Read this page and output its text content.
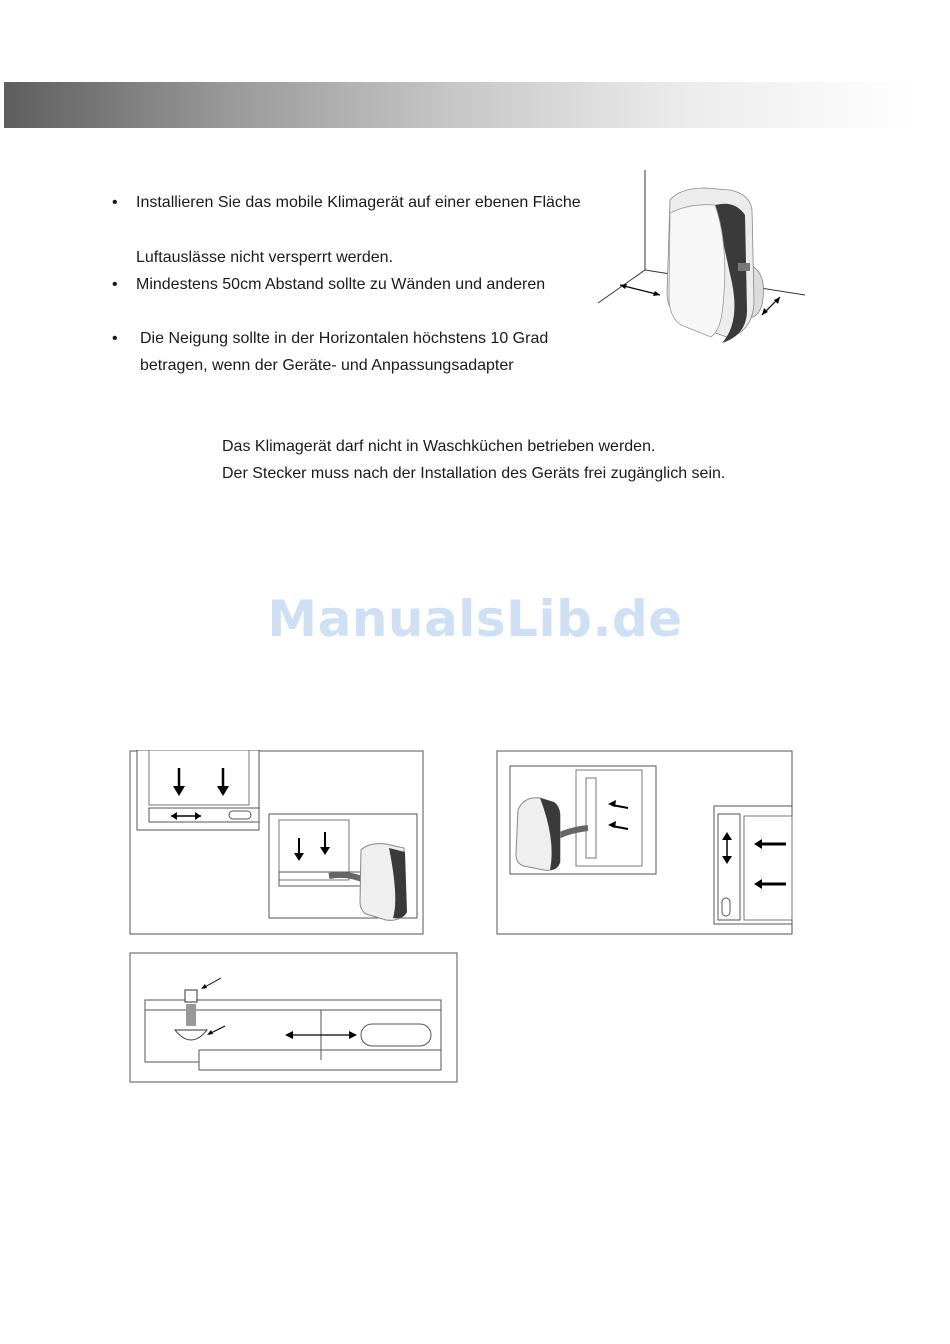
• Installieren Sie das mobile Klimagerät auf einer ebenen Fläche
Luftauslässe nicht versperrt werden.
• Mindestens 50cm Abstand sollte zu Wänden und anderen
• Die Neigung sollte in der Horizontalen höchstens 10 Grad
betragen, wenn der Geräte- und Anpassungsadapter
Das Klimagerät darf nicht in Waschküchen betrieben werden.
Der Stecker muss nach der Installation des Geräts frei zugänglich sein.
ManualsLib.de
